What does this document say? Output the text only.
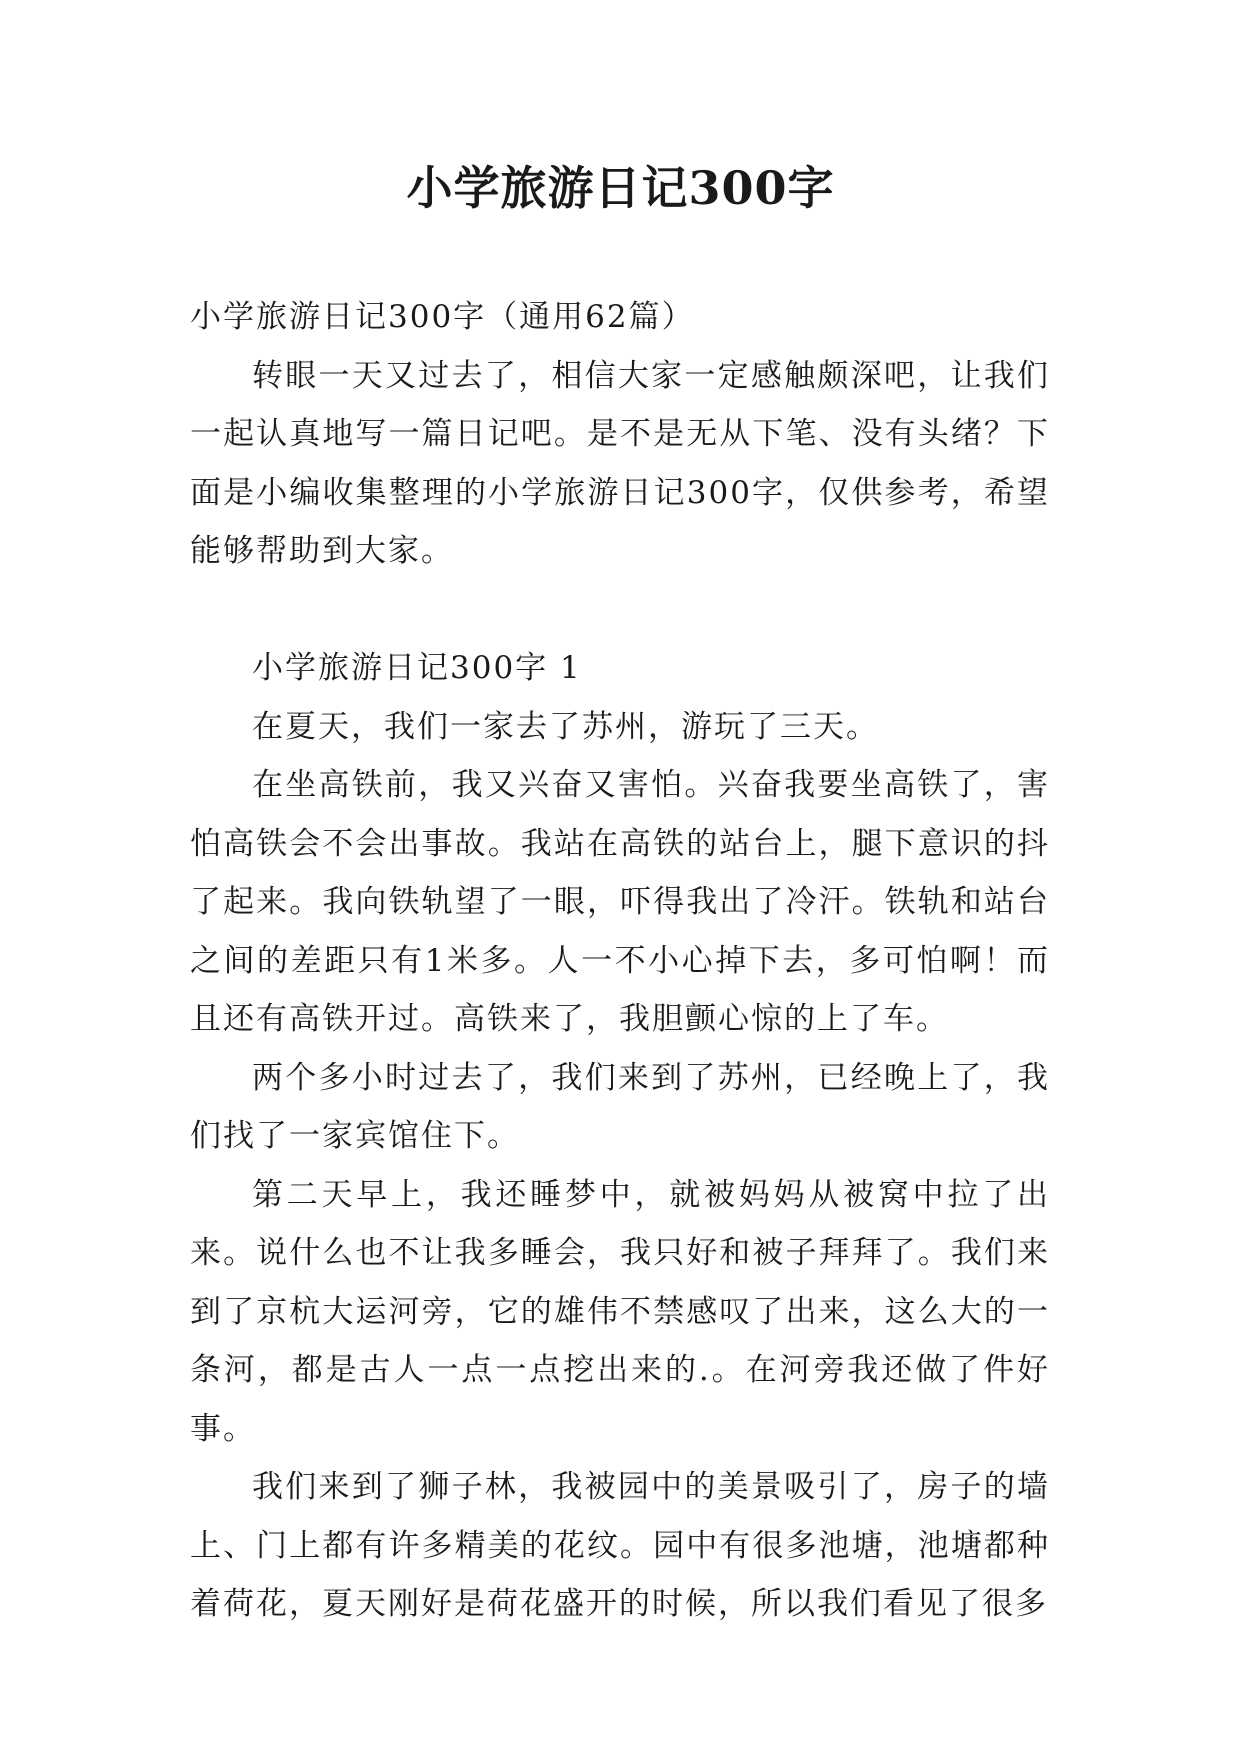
小学旅游日记300字

小学旅游日记300字（通用62篇）

转眼一天又过去了，相信大家一定感触颇深吧，让我们一起认真地写一篇日记吧。是不是无从下笔、没有头绪？下面是小编收集整理的小学旅游日记300字，仅供参考，希望能够帮助到大家。

小学旅游日记300字 1

在夏天，我们一家去了苏州，游玩了三天。

在坐高铁前，我又兴奋又害怕。兴奋我要坐高铁了，害怕高铁会不会出事故。我站在高铁的站台上，腿下意识的抖了起来。我向铁轨望了一眼，吓得我出了冷汗。铁轨和站台之间的差距只有1米多。人一不小心掉下去，多可怕啊！而且还有高铁开过。高铁来了，我胆颤心惊的上了车。

两个多小时过去了，我们来到了苏州，已经晚上了，我们找了一家宾馆住下。

第二天早上，我还睡梦中，就被妈妈从被窝中拉了出来。说什么也不让我多睡会，我只好和被子拜拜了。我们来到了京杭大运河旁，它的雄伟不禁感叹了出来，这么大的一条河，都是古人一点一点挖出来的.。在河旁我还做了件好事。

我们来到了狮子林，我被园中的美景吸引了，房子的墙上、门上都有许多精美的花纹。园中有很多池塘，池塘都种着荷花，夏天刚好是荷花盛开的时候，所以我们看见了很多
